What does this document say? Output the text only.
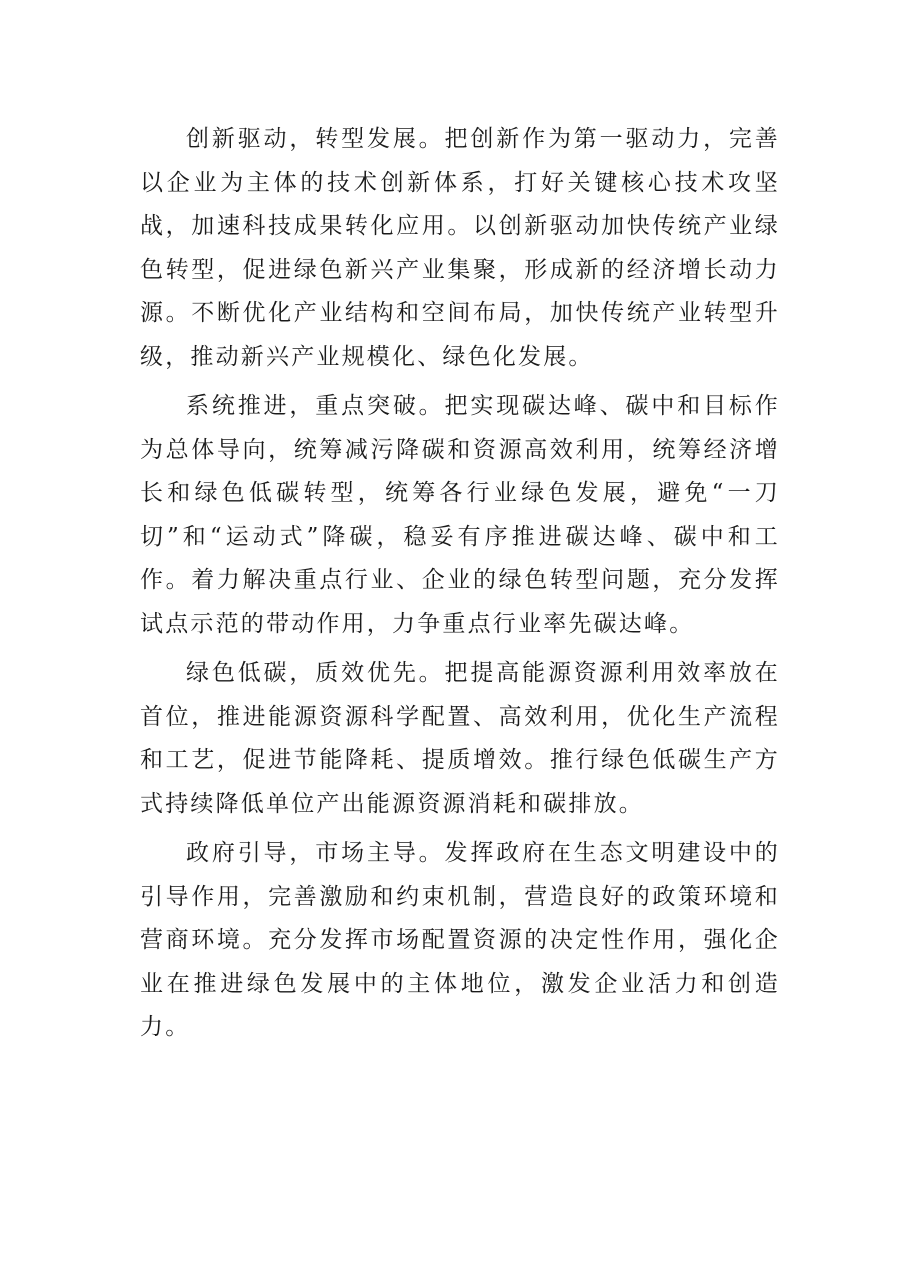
创新驱动，转型发展。把创新作为第一驱动力，完善以企业为主体的技术创新体系，打好关键核心技术攻坚战，加速科技成果转化应用。以创新驱动加快传统产业绿色转型，促进绿色新兴产业集聚，形成新的经济增长动力源。不断优化产业结构和空间布局，加快传统产业转型升级，推动新兴产业规模化、绿色化发展。

系统推进，重点突破。把实现碳达峰、碳中和目标作为总体导向，统筹减污降碳和资源高效利用，统筹经济增长和绿色低碳转型，统筹各行业绿色发展，避免“一刀切”和“运动式”降碳，稳妥有序推进碳达峰、碳中和工作。着力解决重点行业、企业的绿色转型问题，充分发挥试点示范的带动作用，力争重点行业率先碳达峰。

绿色低碳，质效优先。把提高能源资源利用效率放在首位，推进能源资源科学配置、高效利用，优化生产流程和工艺，促进节能降耗、提质增效。推行绿色低碳生产方式持续降低单位产出能源资源消耗和碳排放。

政府引导，市场主导。发挥政府在生态文明建设中的引导作用，完善激励和约束机制，营造良好的政策环境和营商环境。充分发挥市场配置资源的决定性作用，强化企业在推进绿色发展中的主体地位，激发企业活力和创造力。
